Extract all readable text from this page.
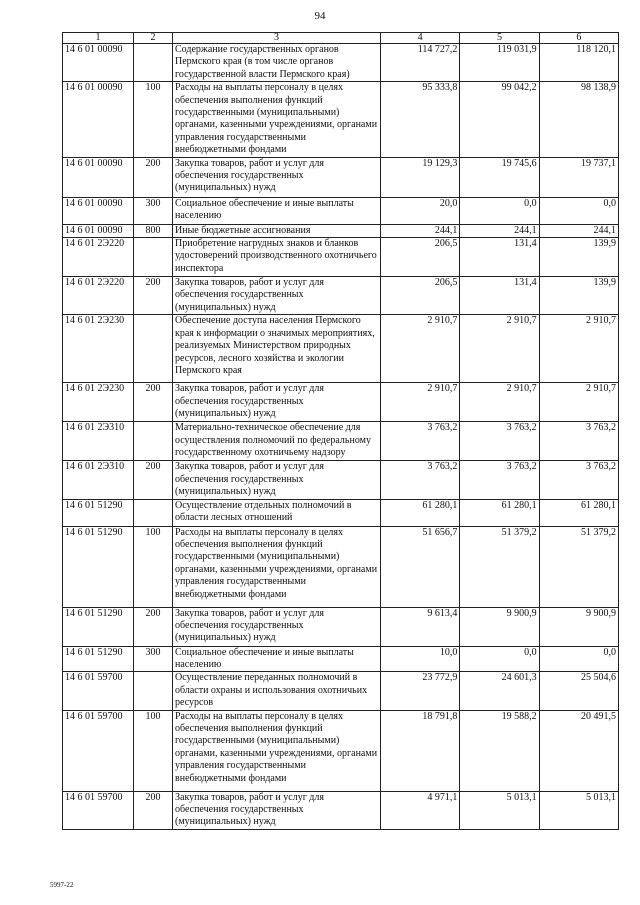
94
1	2	3	4	5	6
14 6 01 00090		Содержание государственных органов Пермского края (в том числе органов государственной власти Пермского края)	114 727,2	119 031,9	118 120,1
14 6 01 00090	100	Расходы на выплаты персоналу в целях обеспечения выполнения функций государственными (муниципальными) органами, казенными учреждениями, органами управления государственными внебюджетными фондами	95 333,8	99 042,2	98 138,9
14 6 01 00090	200	Закупка товаров, работ и услуг для обеспечения государственных (муниципальных) нужд	19 129,3	19 745,6	19 737,1
14 6 01 00090	300	Социальное обеспечение и иные выплаты населению	20,0	0,0	0,0
14 6 01 00090	800	Иные бюджетные ассигнования	244,1	244,1	244,1
14 6 01 2Э220		Приобретение нагрудных знаков и бланков удостоверений производственного охотничьего инспектора	206,5	131,4	139,9
14 6 01 2Э220	200	Закупка товаров, работ и услуг для обеспечения государственных (муниципальных) нужд	206,5	131,4	139,9
14 6 01 2Э230		Обеспечение доступа населения Пермского края к информации о значимых мероприятиях, реализуемых Министерством природных ресурсов, лесного хозяйства и экологии Пермского края	2 910,7	2 910,7	2 910,7
14 6 01 2Э230	200	Закупка товаров, работ и услуг для обеспечения государственных (муниципальных) нужд	2 910,7	2 910,7	2 910,7
14 6 01 2Э310		Материально-техническое обеспечение для осуществления полномочий по федеральному государственному охотничьему надзору	3 763,2	3 763,2	3 763,2
14 6 01 2Э310	200	Закупка товаров, работ и услуг для обеспечения государственных (муниципальных) нужд	3 763,2	3 763,2	3 763,2
14 6 01 51290		Осуществление отдельных полномочий в области лесных отношений	61 280,1	61 280,1	61 280,1
14 6 01 51290	100	Расходы на выплаты персоналу в целях обеспечения выполнения функций государственными (муниципальными) органами, казенными учреждениями, органами управления государственными внебюджетными фондами	51 656,7	51 379,2	51 379,2
14 6 01 51290	200	Закупка товаров, работ и услуг для обеспечения государственных (муниципальных) нужд	9 613,4	9 900,9	9 900,9
14 6 01 51290	300	Социальное обеспечение и иные выплаты населению	10,0	0,0	0,0
14 6 01 59700		Осуществление переданных полномочий в области охраны и использования охотничьих ресурсов	23 772,9	24 601,3	25 504,6
14 6 01 59700	100	Расходы на выплаты персоналу в целях обеспечения выполнения функций государственными (муниципальными) органами, казенными учреждениями, органами управления государственными внебюджетными фондами	18 791,8	19 588,2	20 491,5
14 6 01 59700	200	Закупка товаров, работ и услуг для обеспечения государственных (муниципальных) нужд	4 971,1	5 013,1	5 013,1
5997-22
